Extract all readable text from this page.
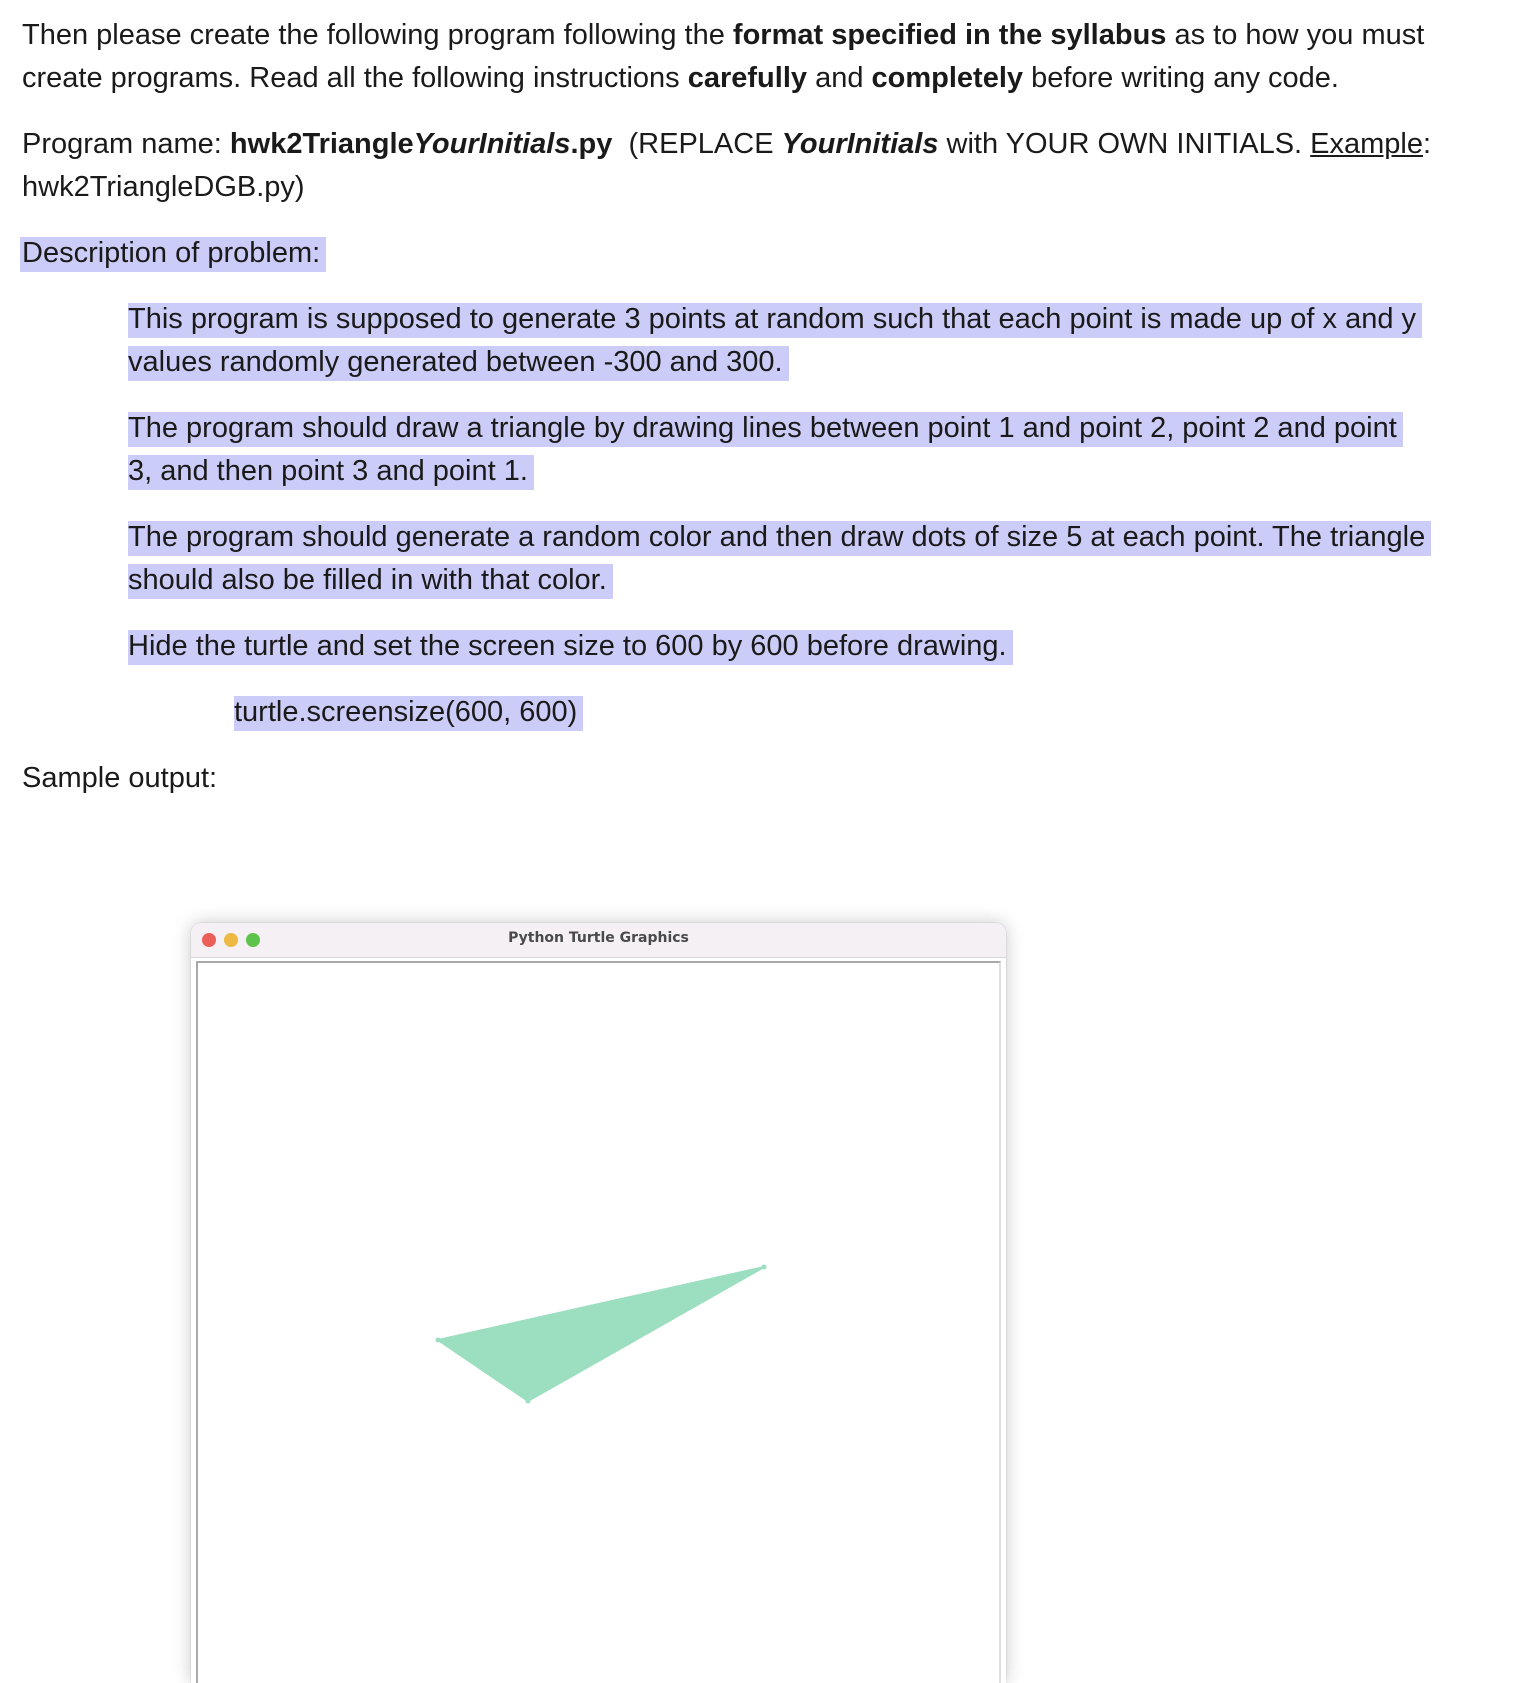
Then please create the following program following the format specified in the syllabus as to how you must create programs. Read all the following instructions carefully and completely before writing any code.

Program name: hwk2TriangleYourInitials.py  (REPLACE YourInitials with YOUR OWN INITIALS. Example: hwk2TriangleDGB.py)

Description of problem:

This program is supposed to generate 3 points at random such that each point is made up of x and y values randomly generated between -300 and 300.

The program should draw a triangle by drawing lines between point 1 and point 2, point 2 and point 3, and then point 3 and point 1.

The program should generate a random color and then draw dots of size 5 at each point. The triangle should also be filled in with that color.

Hide the turtle and set the screen size to 600 by 600 before drawing.

turtle.screensize(600, 600)

Sample output:

Python Turtle Graphics
